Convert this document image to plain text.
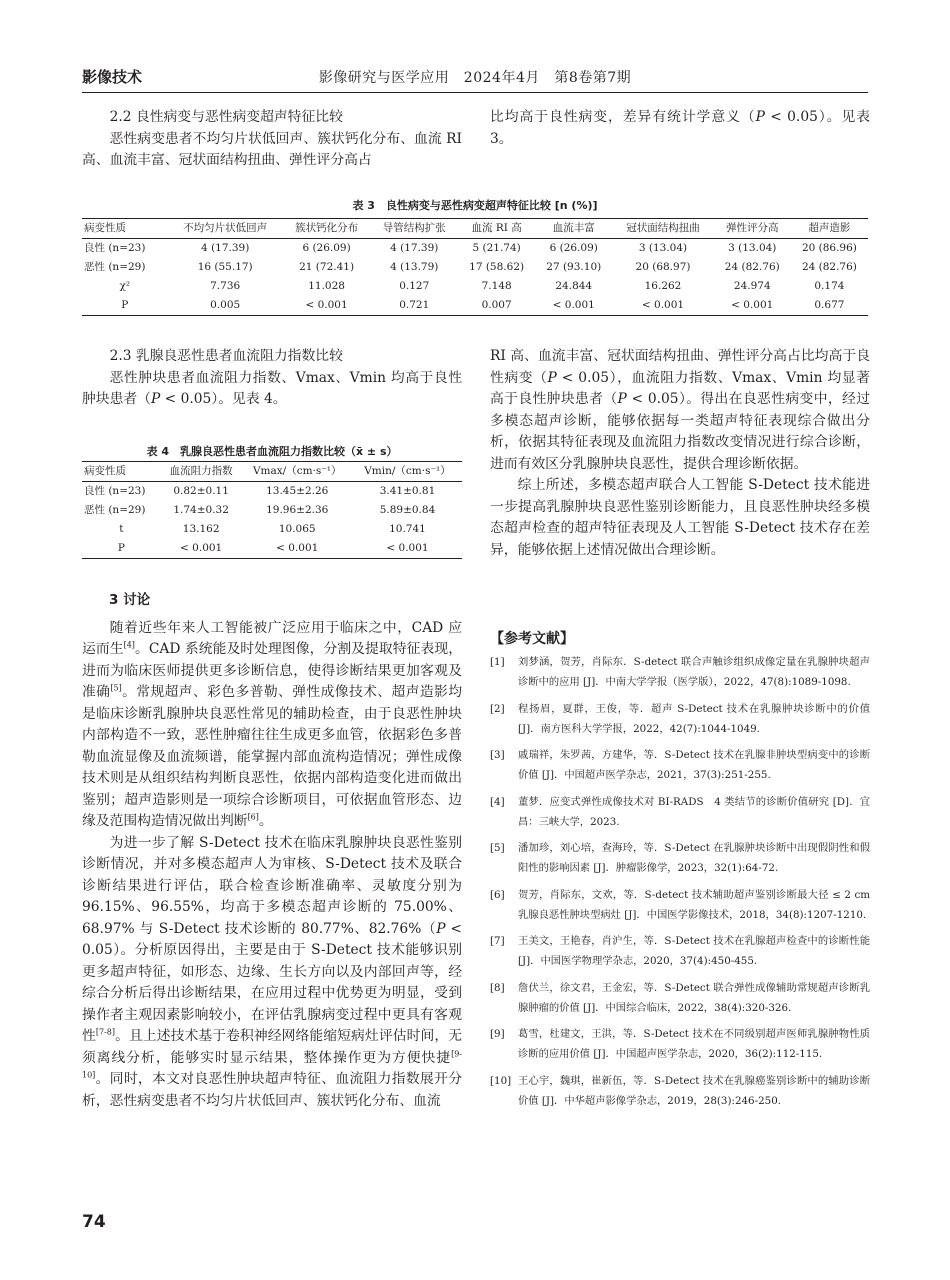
影像技术	影像研究与医学应用　2024年4月　第8卷第7期

2.2 良性病变与恶性病变超声特征比较

恶性病变患者不均匀片状低回声、簇状钙化分布、血流 RI 高、血流丰富、冠状面结构扭曲、弹性评分高占

比均高于良性病变，差异有统计学意义（P < 0.05）。见表 3。

表 3　良性病变与恶性病变超声特征比较 [n (%)]
病变性质	不均匀片状低回声	簇状钙化分布	导管结构扩张	血流 RI 高	血流丰富	冠状面结构扭曲	弹性评分高	超声造影
良性 (n=23)	4 (17.39)	6 (26.09)	4 (17.39)	5 (21.74)	6 (26.09)	3 (13.04)	3 (13.04)	20 (86.96)
恶性 (n=29)	16 (55.17)	21 (72.41)	4 (13.79)	17 (58.62)	27 (93.10)	20 (68.97)	24 (82.76)	24 (82.76)
χ²	7.736	11.028	0.127	7.148	24.844	16.262	24.974	0.174
P	0.005	< 0.001	0.721	0.007	< 0.001	< 0.001	< 0.001	0.677

2.3 乳腺良恶性患者血流阻力指数比较

恶性肿块患者血流阻力指数、Vmax、Vmin 均高于良性肿块患者（P < 0.05）。见表 4。

表 4　乳腺良恶性患者血流阻力指数比较（x̄ ± s）
病变性质	血流阻力指数	Vmax/（cm·s⁻¹）	Vmin/（cm·s⁻¹）
良性 (n=23)	0.82±0.11	13.45±2.26	3.41±0.81
恶性 (n=29)	1.74±0.32	19.96±2.36	5.89±0.84
t	13.162	10.065	10.741
P	< 0.001	< 0.001	< 0.001

3 讨论

随着近些年来人工智能被广泛应用于临床之中，CAD 应运而生[4]。CAD 系统能及时处理图像，分割及提取特征表现，进而为临床医师提供更多诊断信息，使得诊断结果更加客观及准确[5]。常规超声、彩色多普勒、弹性成像技术、超声造影均是临床诊断乳腺肿块良恶性常见的辅助检查，由于良恶性肿块内部构造不一致，恶性肿瘤往往生成更多血管，依据彩色多普勒血流显像及血流频谱，能掌握内部血流构造情况；弹性成像技术则是从组织结构判断良恶性，依据内部构造变化进而做出鉴别；超声造影则是一项综合诊断项目，可依据血管形态、边缘及范围构造情况做出判断[6]。

为进一步了解 S-Detect 技术在临床乳腺肿块良恶性鉴别诊断情况，并对多模态超声人为审核、S-Detect 技术及联合诊断结果进行评估，联合检查诊断准确率、灵敏度分别为 96.15%、96.55%，均高于多模态超声诊断的 75.00%、68.97% 与 S-Detect 技术诊断的 80.77%、82.76%（P < 0.05）。分析原因得出，主要是由于 S-Detect 技术能够识别更多超声特征，如形态、边缘、生长方向以及内部回声等，经综合分析后得出诊断结果，在应用过程中优势更为明显，受到操作者主观因素影响较小，在评估乳腺病变过程中更具有客观性[7-8]。且上述技术基于卷积神经网络能缩短病灶评估时间，无须离线分析，能够实时显示结果，整体操作更为方便快捷[9-10]。同时，本文对良恶性肿块超声特征、血流阻力指数展开分析，恶性病变患者不均匀片状低回声、簇状钙化分布、血流

RI 高、血流丰富、冠状面结构扭曲、弹性评分高占比均高于良性病变（P < 0.05），血流阻力指数、Vmax、Vmin 均显著高于良性肿块患者（P < 0.05）。得出在良恶性病变中，经过多模态超声诊断，能够依据每一类超声特征表现综合做出分析，依据其特征表现及血流阻力指数改变情况进行综合诊断，进而有效区分乳腺肿块良恶性，提供合理诊断依据。

综上所述，多模态超声联合人工智能 S-Detect 技术能进一步提高乳腺肿块良恶性鉴别诊断能力，且良恶性肿块经多模态超声检查的超声特征表现及人工智能 S-Detect 技术存在差异，能够依据上述情况做出合理诊断。

【参考文献】
[1] 刘梦涵，贺芳，肖际东．S-detect 联合声触诊组织成像定量在乳腺肿块超声诊断中的应用 [J]．中南大学学报（医学版），2022，47(8):1089-1098.
[2] 程扬眉，夏群，王俊，等．超声 S-Detect 技术在乳腺肿块诊断中的价值 [J]．南方医科大学学报，2022，42(7):1044-1049.
[3] 戚瑞祥，朱罗茜，方建华，等．S-Detect 技术在乳腺非肿块型病变中的诊断价值 [J]．中国超声医学杂志，2021，37(3):251-255.
[4] 董梦．应变式弹性成像技术对 BI-RADS　4 类结节的诊断价值研究 [D]．宜昌：三峡大学，2023.
[5] 潘加珍，刘心培，查海玲，等．S-Detect 在乳腺肿块诊断中出现假阴性和假阳性的影响因素 [J]．肿瘤影像学，2023，32(1):64-72.
[6] 贺芳，肖际东，文欢，等．S-detect 技术辅助超声鉴别诊断最大径 ≤ 2 cm 乳腺良恶性肿块型病灶 [J]．中国医学影像技术，2018，34(8):1207-1210.
[7] 王美文，王艳春，肖沪生，等．S-Detect 技术在乳腺超声检查中的诊断性能 [J]．中国医学物理学杂志，2020，37(4):450-455.
[8] 詹伏兰，徐文君，王金宏，等．S-Detect 联合弹性成像辅助常规超声诊断乳腺肿瘤的价值 [J]．中国综合临床，2022，38(4):320-326.
[9] 葛雪，杜建文，王洪，等．S-Detect 技术在不同级别超声医师乳腺肿物性质诊断的应用价值 [J]．中国超声医学杂志，2020，36(2):112-115.
[10] 王心宇，魏琪，崔新伍，等．S-Detect 技术在乳腺癌鉴别诊断中的辅助诊断价值 [J]．中华超声影像学杂志，2019，28(3):246-250.
74
